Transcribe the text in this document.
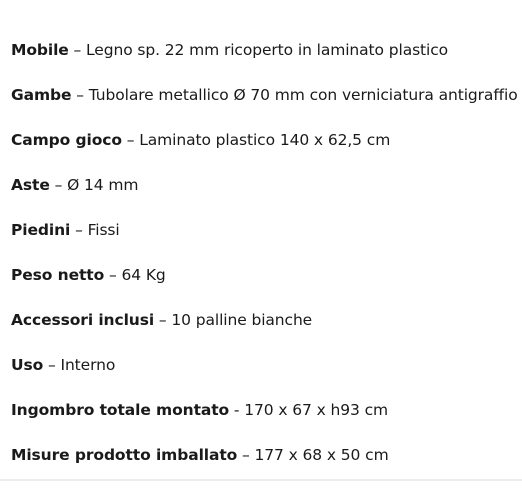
Mobile – Legno sp. 22 mm ricoperto in laminato plastico
Gambe – Tubolare metallico Ø 70 mm con verniciatura antigraffio
Campo gioco – Laminato plastico 140 x 62,5 cm
Aste – Ø 14 mm
Piedini – Fissi
Peso netto – 64 Kg
Accessori inclusi – 10 palline bianche
Uso – Interno
Ingombro totale montato - 170 x 67 x h93 cm
Misure prodotto imballato – 177 x 68 x 50 cm
